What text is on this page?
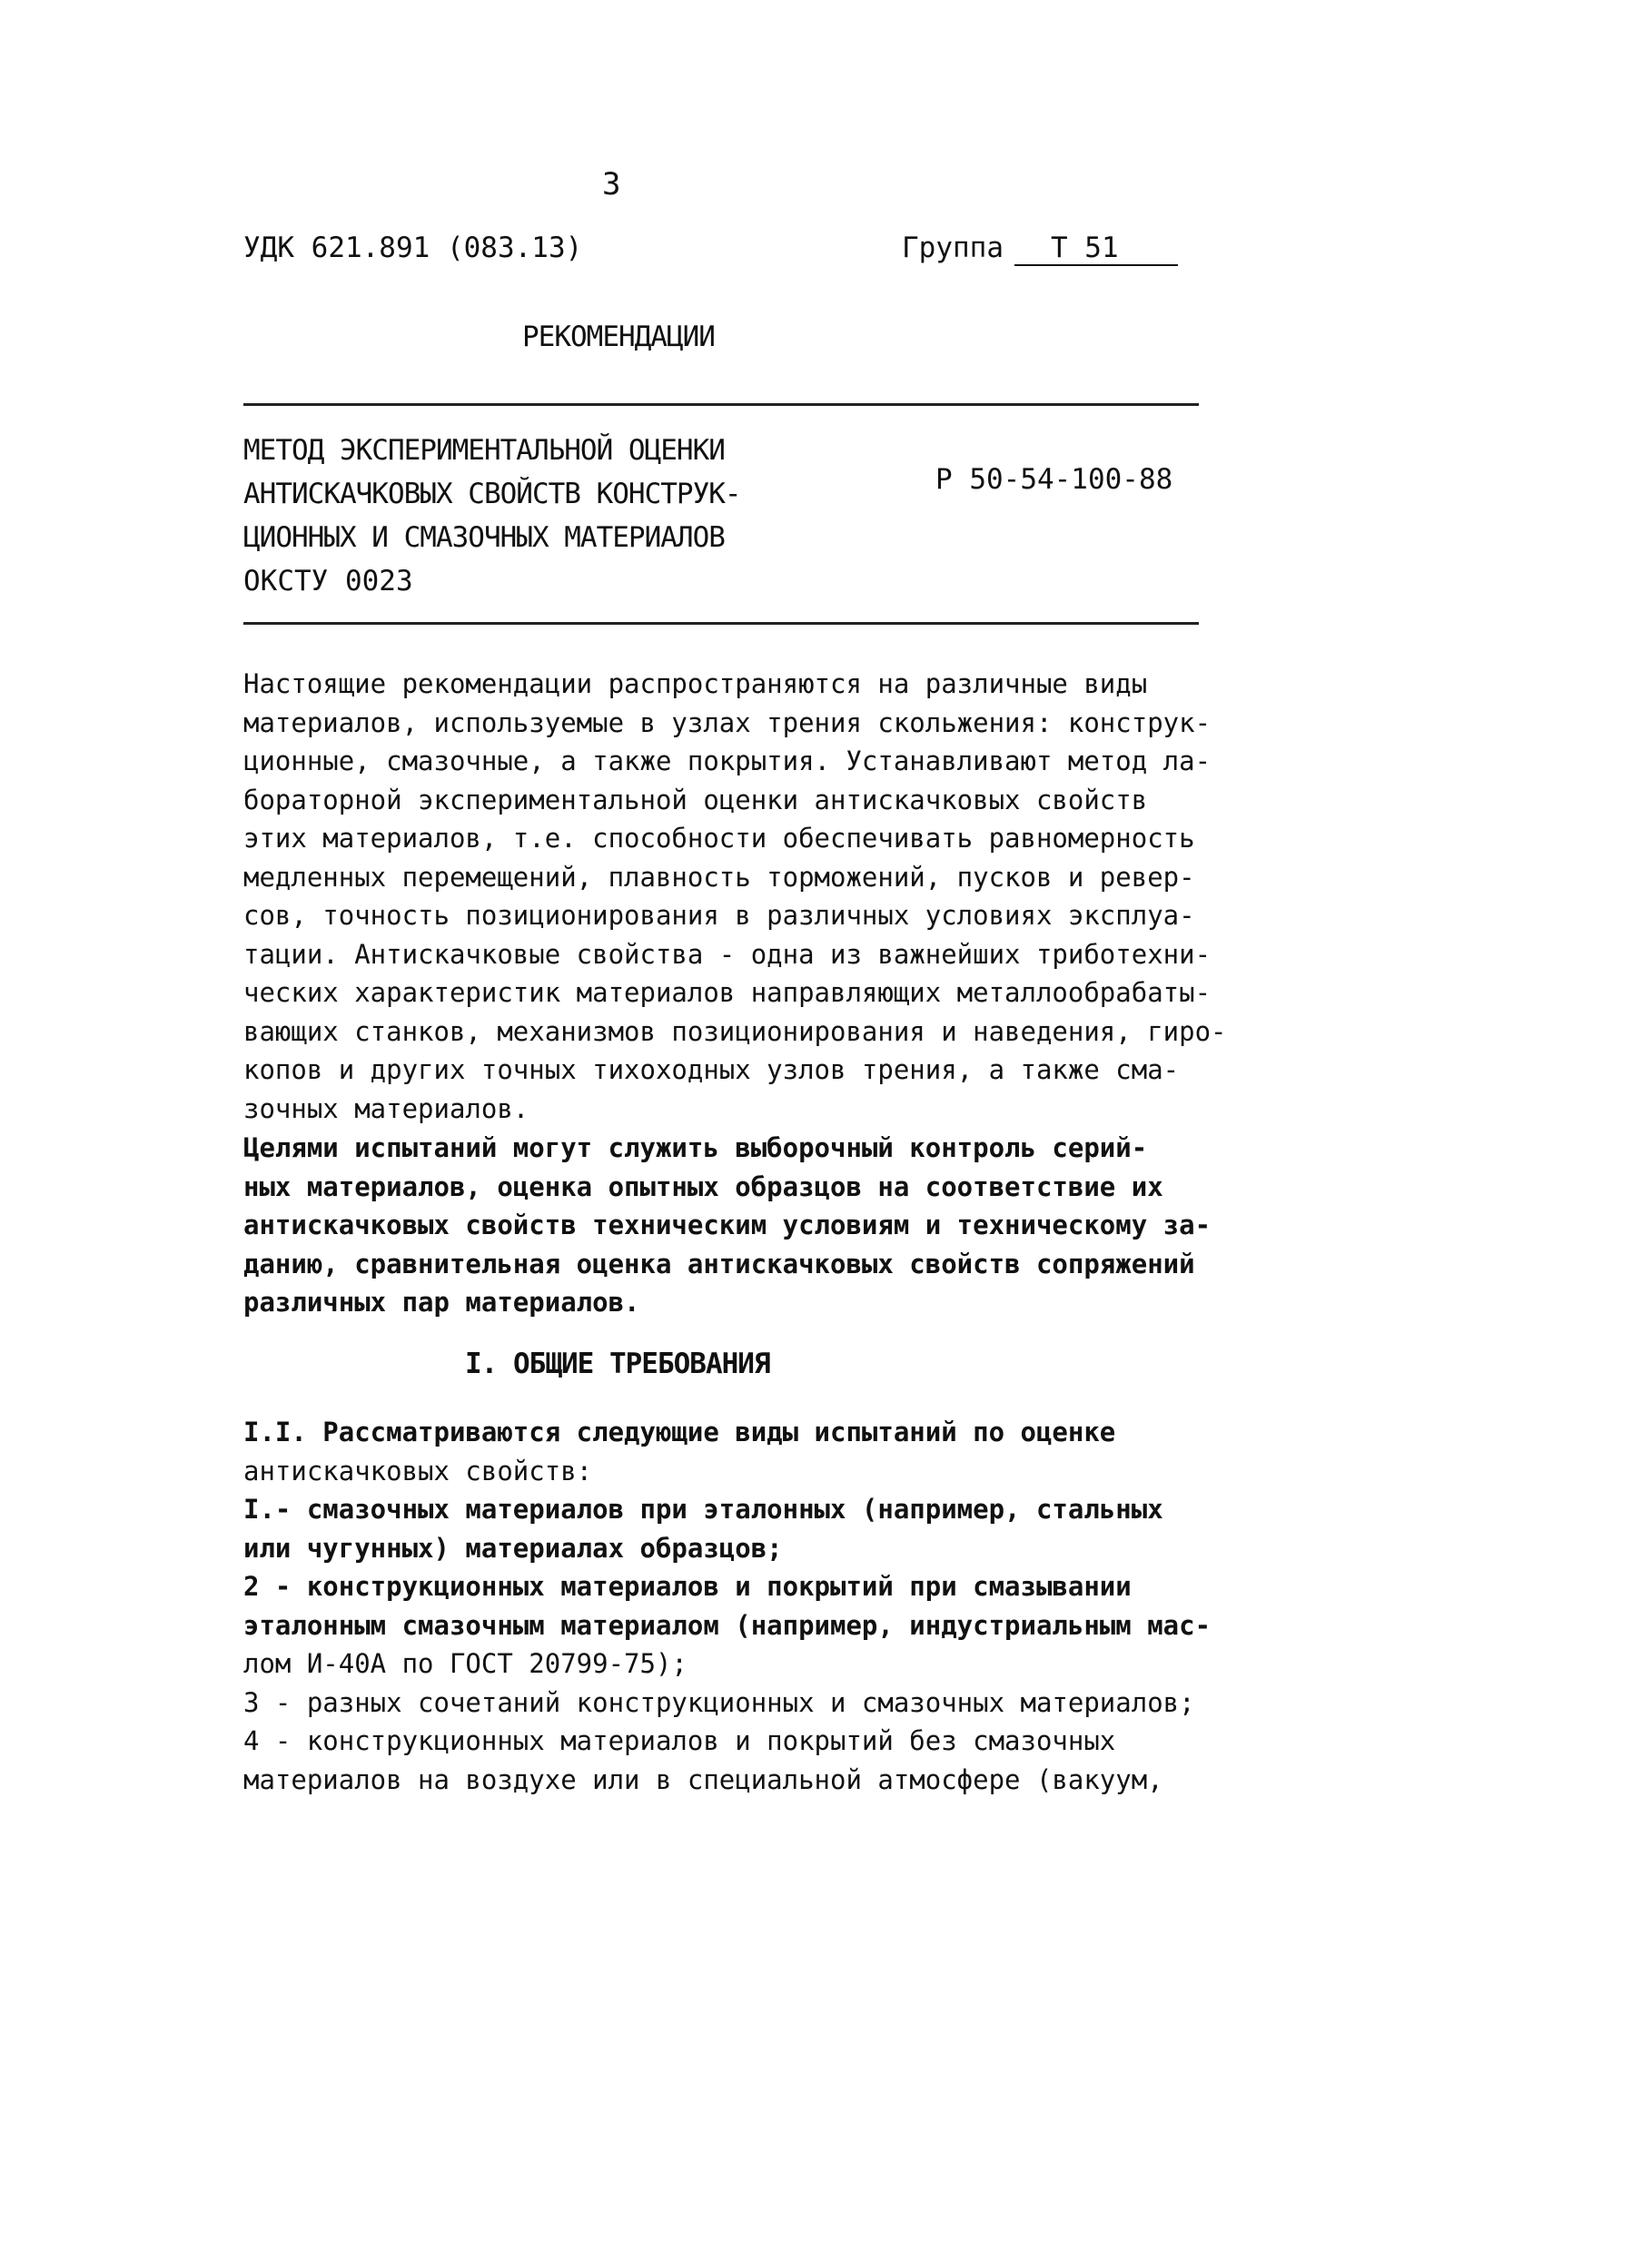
3
УДК 621.891 (083.13)	Группа Т 51
РЕКОМЕНДАЦИИ
МЕТОД ЭКСПЕРИМЕНТАЛЬНОЙ ОЦЕНКИ
АНТИСКАЧКОВЫХ СВОЙСТВ КОНСТРУК-
ЦИОННЫХ И СМАЗОЧНЫХ МАТЕРИАЛОВ
Р 50-54-100-88
ОКСТУ 0023
Настоящие рекомендации распространяются на различные виды
материалов, используемые в узлах трения скольжения: конструк-
ционные, смазочные, а также покрытия. Устанавливают метод ла-
бораторной экспериментальной оценки антискачковых свойств
этих материалов, т.е. способности обеспечивать равномерность
медленных перемещений, плавность торможений, пусков и ревер-
сов, точность позиционирования в различных условиях эксплуа-
тации. Антискачковые свойства - одна из важнейших триботехни-
ческих характеристик материалов направляющих металлообрабаты-
вающих станков, механизмов позиционирования и наведения, гиро-
копов и других точных тихоходных узлов трения, а также сма-
зочных материалов.
Целями испытаний могут служить выборочный контроль серий-
ных материалов, оценка опытных образцов на соответствие их
антискачковых свойств техническим условиям и техническому за-
данию, сравнительная оценка антискачковых свойств сопряжений
различных пар материалов.
I. ОБЩИЕ ТРЕБОВАНИЯ
I.I. Рассматриваются следующие виды испытаний по оценке
антискачковых свойств:
I.- смазочных материалов при эталонных (например, стальных
или чугунных) материалах образцов;
2 - конструкционных материалов и покрытий при смазывании
эталонным смазочным материалом (например, индустриальным мас-
лом И-40А по ГОСТ 20799-75);
3 - разных сочетаний конструкционных и смазочных материалов;
4 - конструкционных материалов и покрытий без смазочных
материалов на воздухе или в специальной атмосфере (вакуум,
